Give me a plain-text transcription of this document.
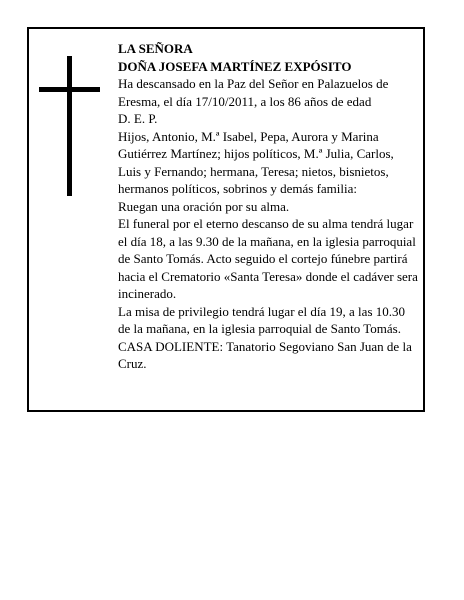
LA SEÑORA

DOÑA JOSEFA MARTÍNEZ EXPÓSITO

Ha descansado en la Paz del Señor en Palazuelos de Eresma, el día 17/10/2011, a los 86 años de edad

D. E. P.

Hijos, Antonio, M.ª Isabel, Pepa, Aurora y Marina Gutiérrez Martínez; hijos políticos, M.ª Julia, Carlos, Luis y Fernando; hermana, Teresa; nietos, bisnietos, hermanos políticos, sobrinos y demás familia:

Ruegan una oración por su alma.

El funeral por el eterno descanso de su alma tendrá lugar el día 18, a las 9.30 de la mañana, en la iglesia parroquial de Santo Tomás. Acto seguido el cortejo fúnebre partirá hacia el Crematorio «Santa Teresa» donde el cadáver sera incinerado.

La misa de privilegio tendrá lugar el día 19, a las 10.30 de la mañana, en la iglesia parroquial de Santo Tomás.

CASA DOLIENTE: Tanatorio Segoviano San Juan de la Cruz.
